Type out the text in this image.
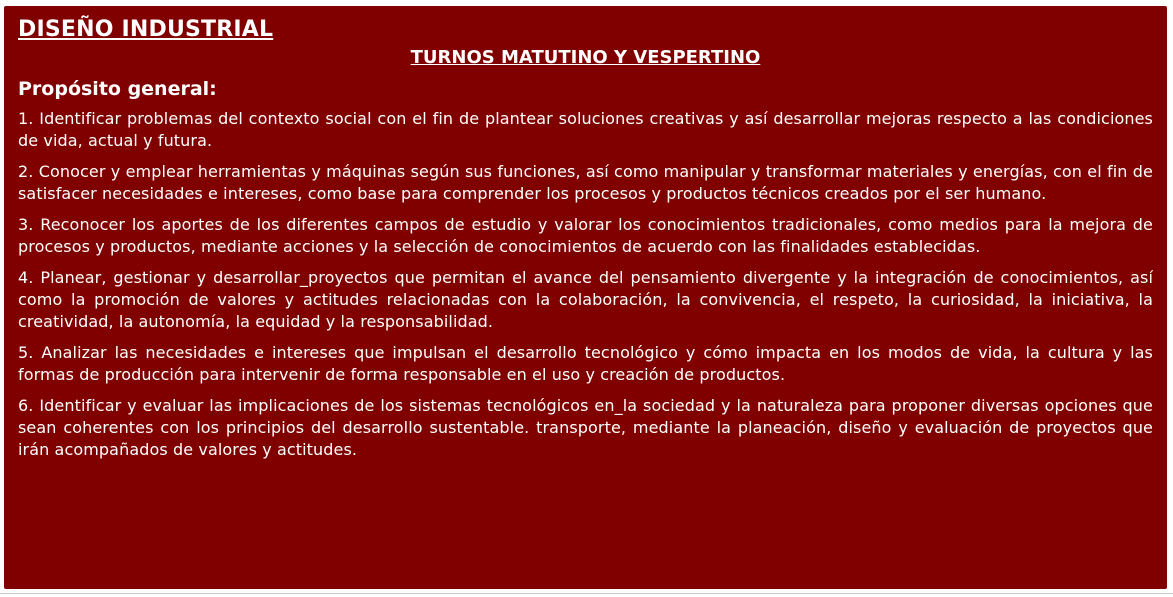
DISEÑO INDUSTRIAL
TURNOS MATUTINO Y VESPERTINO
Propósito general:
1. Identificar problemas del contexto social con el fin de plantear soluciones creativas y así desarrollar mejoras respecto a las condiciones de vida, actual y futura.
2. Conocer y emplear herramientas y máquinas según sus funciones, así como manipular y transformar materiales y energías, con el fin de satisfacer necesidades e intereses, como base para comprender los procesos y productos técnicos creados por el ser humano.
3. Reconocer los aportes de los diferentes campos de estudio y valorar los conocimientos tradicionales, como medios para la mejora de procesos y productos, mediante acciones y la selección de conocimientos de acuerdo con las finalidades establecidas.
4. Planear, gestionar y desarrollar_proyectos que permitan el avance del pensamiento divergente y la integración de conocimientos, así como la promoción de valores y actitudes relacionadas con la colaboración, la convivencia, el respeto, la curiosidad, la iniciativa, la creatividad, la autonomía, la equidad y la responsabilidad.
5. Analizar las necesidades e intereses que impulsan el desarrollo tecnológico y cómo impacta en los modos de vida, la cultura y las formas de producción para intervenir de forma responsable en el uso y creación de productos.
6. Identificar y evaluar las implicaciones de los sistemas tecnológicos en_la sociedad y la naturaleza para proponer diversas opciones que sean coherentes con los principios del desarrollo sustentable. transporte, mediante la planeación, diseño y evaluación de proyectos que irán acompañados de valores y actitudes.
